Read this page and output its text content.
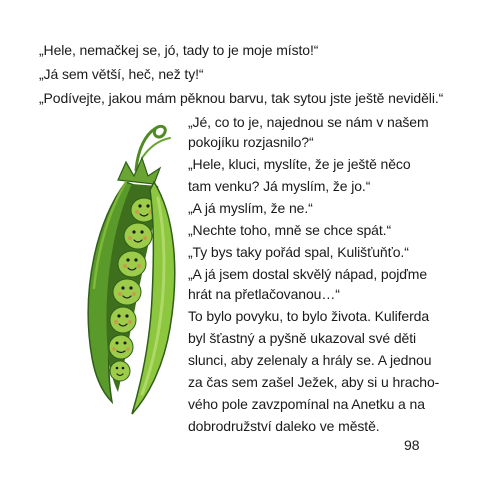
„Hele, nemačkej se, jó, tady to je moje místo!“
„Já sem větší, heč, než ty!“
„Podívejte, jakou mám pěknou barvu, tak sytou jste ještě neviděli.“
„Jé, co to je, najednou se nám v našem
pokojíku rozjasnilo?“
„Hele, kluci, myslíte, že je ještě něco
tam venku? Já myslím, že jo.“
„A já myslím, že ne.“
„Nechte toho, mně se chce spát.“
„Ty bys taky pořád spal, Kulišťuňťo.“
„A já jsem dostal skvělý nápad, pojďme
hrát na přetlačovanou…“
To bylo povyku, to bylo života. Kuliferda
byl šťastný a pyšně ukazoval své děti
slunci, aby zelenaly a hrály se. A jednou
za čas sem zašel Ježek, aby si u hracho-
vého pole zavzpomínal na Anetku a na
dobrodružství daleko ve městě.
98
